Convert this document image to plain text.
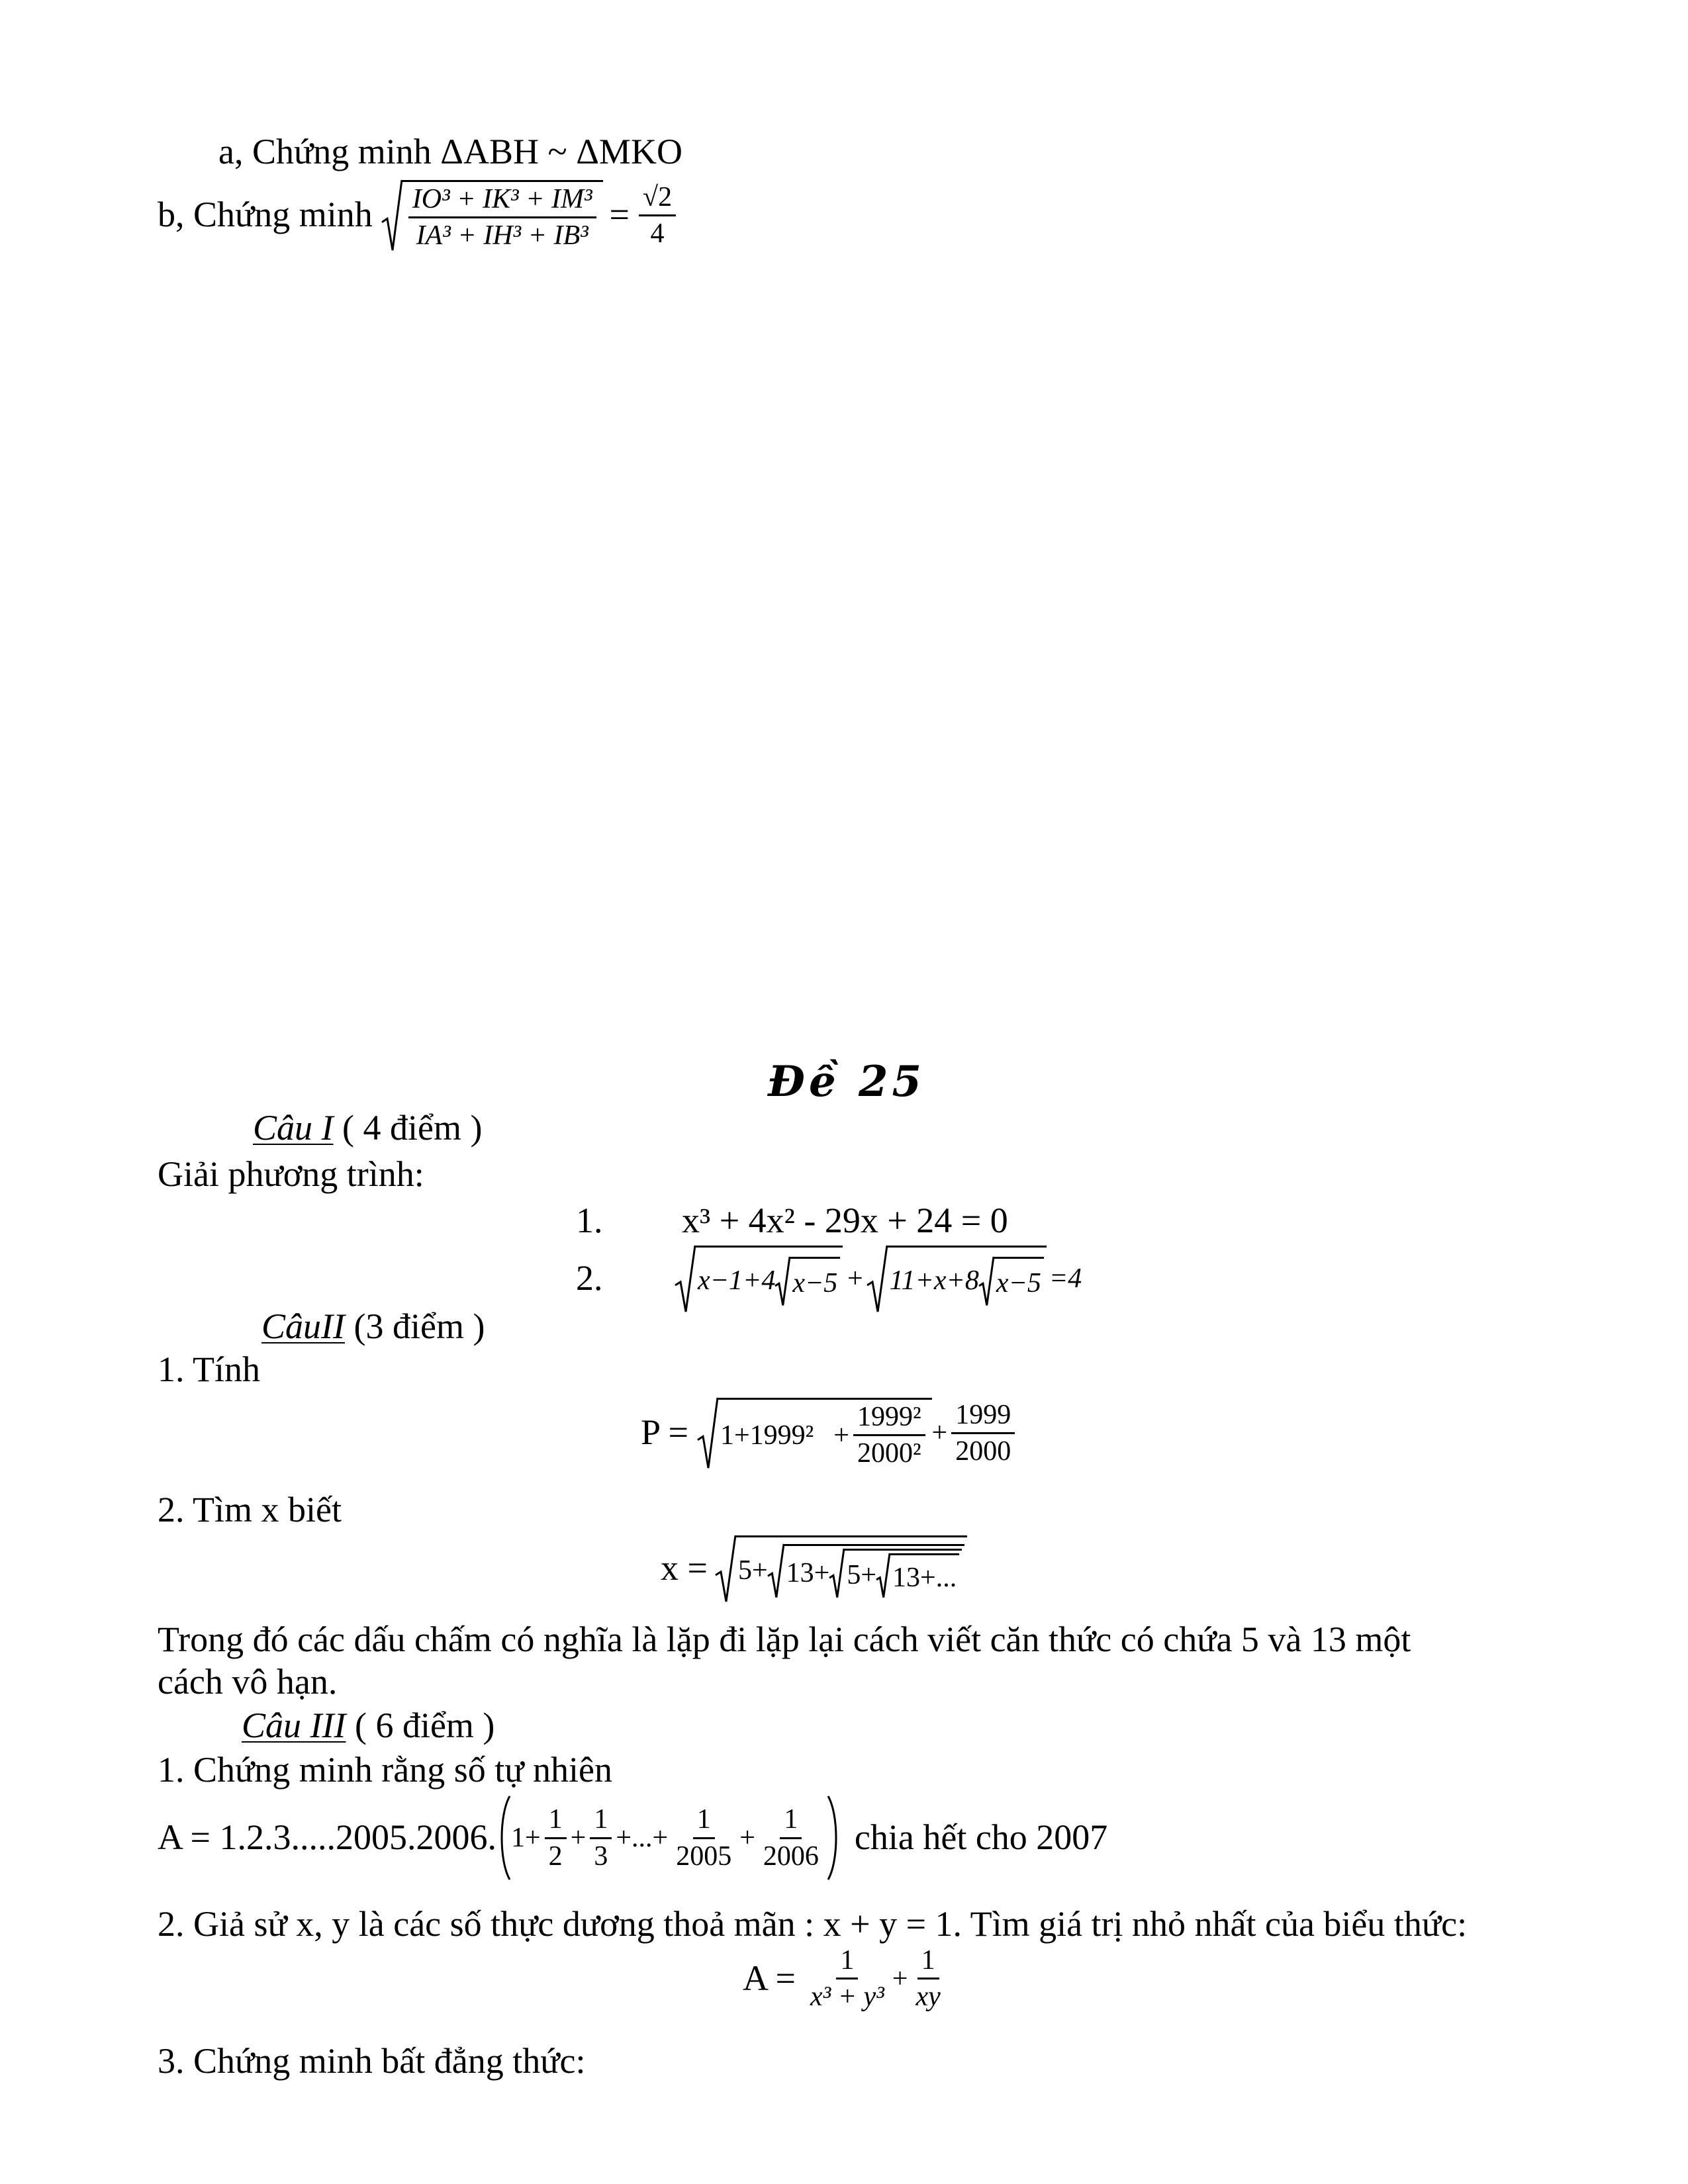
a, Chứng minh ΔABH ~ ΔMKO
b, Chứng minh $\frac{\text{IO³ + IK³ + IM³}}{\text{IA³ + IH³ + IB³}} = \frac{√2}{4}$
Đề 25
Câu I ( 4 điểm )
Giải phương trình:
1. x³ + 4x² - 29x + 24 = 0
2.	x−1+4 x−5 + 11+x+8 x−5 =4
CâuII (3 điểm )
1. Tính
$P = 1+1999^2 + \frac{\text{1999²}}{\text{2000²}} + \frac{1999}{2000}$
2. Tìm x biết
x = 5+ 13+ 5+ 13+...
Trong đó các dấu chấm có nghĩa là lặp đi lặp lại cách viết căn thức có chứa 5 và 13 một
cách vô hạn.
Câu III ( 6 điểm )
1. Chứng minh rằng số tự nhiên
A = 1.2.3.....2005.2006. $1+ \frac{1}{2} + \frac{1}{3}$ +...+ $\frac{1}{2005} + \frac{1}{2006}$ chia hết cho 2007
2. Giả sử x, y là các số thực dương thoả mãn : x + y = 1. Tìm giá trị nhỏ nhất của biểu thức:
$A = \frac{1}{\text{x³ + y³}} + \frac{1}{xy}$
3. Chứng minh bất đẳng thức:
